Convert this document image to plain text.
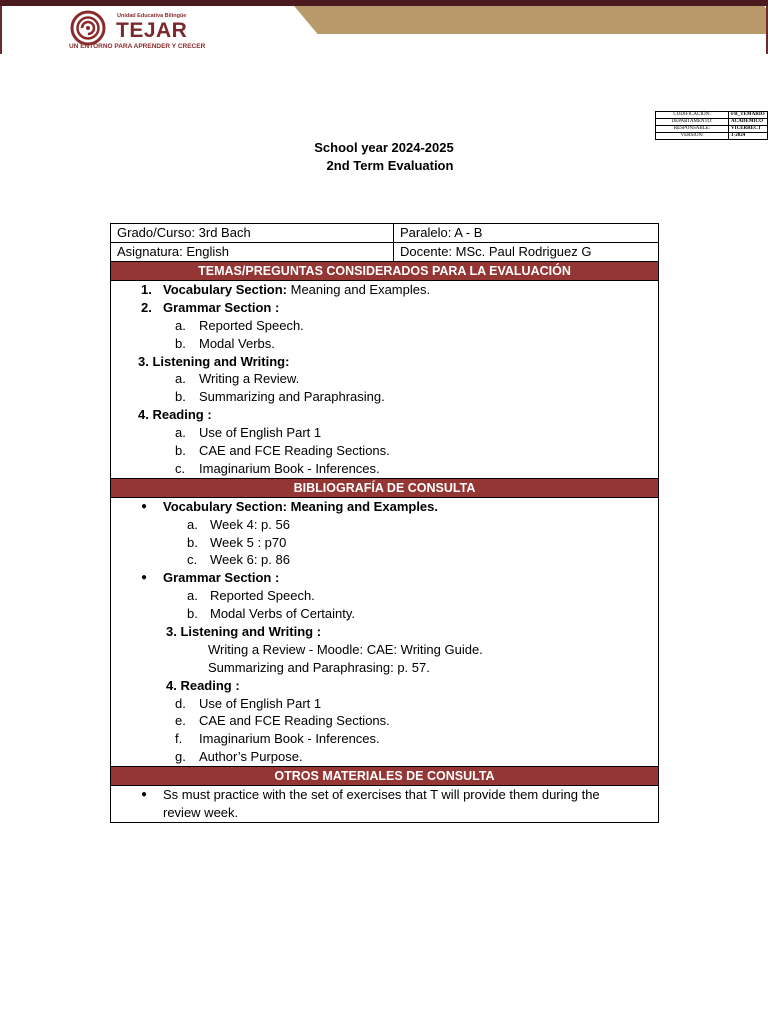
Unidad Educativa Bilingüe
TEJAR
UN ENTORNO PARA APRENDER Y CRECER
CODIFICACIÓN:	FR_TEMARIO
DEPARTAMENTO:	ACADÉMICO
RESPONSABLE:	VICERRECT
VERSIÓN:	1-2024
School year 2024-2025
2nd Term Evaluation
Grado/Curso: 3rd Bach	Paralelo: A - B
Asignatura: English	Docente: MSc. Paul Rodriguez G
TEMAS/PREGUNTAS CONSIDERADOS PARA LA EVALUACIÓN
1. Vocabulary Section: Meaning and Examples.
2. Grammar Section :
a. Reported Speech.
b. Modal Verbs.
3. Listening and Writing:
a. Writing a Review.
b. Summarizing and Paraphrasing.
4. Reading :
a. Use of English Part 1
b. CAE and FCE Reading Sections.
c. Imaginarium Book - Inferences.
BIBLIOGRAFÍA DE CONSULTA
● Vocabulary Section: Meaning and Examples.
a. Week 4: p. 56
b. Week 5 : p70
c. Week 6: p. 86
● Grammar Section :
a. Reported Speech.
b. Modal Verbs of Certainty.
3. Listening and Writing :
Writing a Review - Moodle: CAE: Writing Guide.
Summarizing and Paraphrasing: p. 57.
4. Reading :
d. Use of English Part 1
e. CAE and FCE Reading Sections.
f. Imaginarium Book - Inferences.
g. Author’s Purpose.
OTROS MATERIALES DE CONSULTA
● Ss must practice with the set of exercises that T will provide them during the
review week.
